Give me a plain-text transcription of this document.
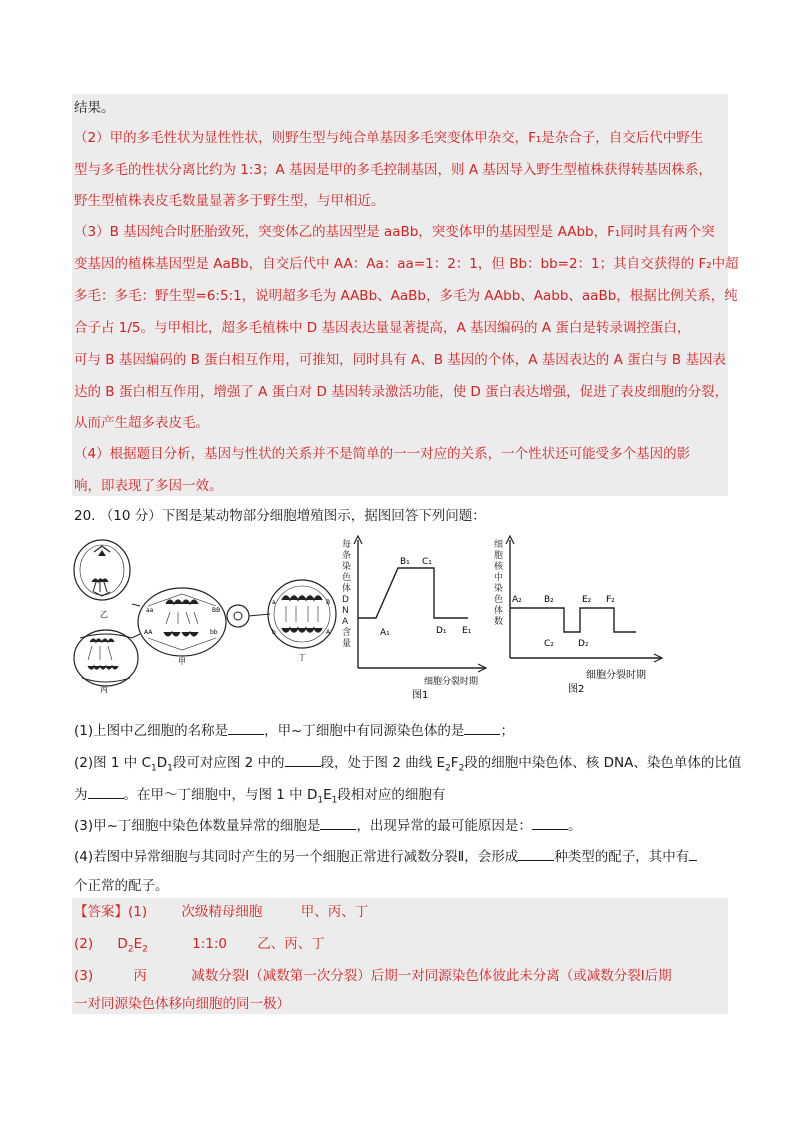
结果。
（2）甲的多毛性状为显性性状，则野生型与纯合单基因多毛突变体甲杂交，F₁是杂合子，自交后代中野生
型与多毛的性状分离比约为 1:3；A 基因是甲的多毛控制基因，则 A 基因导入野生型植株获得转基因株系，
野生型植株表皮毛数量显著多于野生型，与甲相近。
（3）B 基因纯合时胚胎致死，突变体乙的基因型是 aaBb，突变体甲的基因型是 AAbb，F₁同时具有两个突
变基因的植株基因型是 AaBb，自交后代中 AA：Aa：aa=1：2：1，但 Bb：bb=2：1；其自交获得的 F₂中超
多毛：多毛：野生型=6:5:1，说明超多毛为 AABb、AaBb，多毛为 AAbb、Aabb、aaBb，根据比例关系，纯
合子占 1/5。与甲相比，超多毛植株中 D 基因表达量显著提高，A 基因编码的 A 蛋白是转录调控蛋白，
可与 B 基因编码的 B 蛋白相互作用，可推知，同时具有 A、B 基因的个体，A 基因表达的 A 蛋白与 B 基因表
达的 B 蛋白相互作用，增强了 A 蛋白对 D 基因转录激活功能，使 D 蛋白表达增强，促进了表皮细胞的分裂，
从而产生超多表皮毛。
（4）根据题目分析，基因与性状的关系并不是简单的一一对应的关系，一个性状还可能受多个基因的影
响，即表现了多因一效。
20. （10 分）下图是某动物部分细胞增殖图示，据图回答下列问题：
乙
丙
aa	BB
AA	bb
甲
a	B
b	A
丁
A₁
B₁ C₁
D₁ E₁
细胞分裂时期
图1
每条染色体DNA含量
A₂ B₂
C₂	D₂
E₂ F₂
细胞分裂时期
图2
细胞核中染色体数
(1)上图中乙细胞的名称是	，甲~丁细胞中有同源染色体的是	；
(2)图 1 中 $C_1D_1$段可对应图 2 中的	段，处于图 2 曲线 $E_2F_2$段的细胞中染色体、核 DNA、染色单体的比值
为	。在甲～丁细胞中，与图 1 中 $D_1E_1$段相对应的细胞有
(3)甲~丁细胞中染色体数量异常的细胞是	，出现异常的最可能原因是：	。
(4)若图中异常细胞与其同时产生的另一个细胞正常进行减数分裂Ⅱ，会形成	种类型的配子，其中有
个正常的配子。
【答案】(1)	次级精母细胞	甲、丙、丁
(2) $D_2E_2$	1:1:0 乙、丙、丁
(3)	丙	减数分裂Ⅰ（减数第一次分裂）后期一对同源染色体彼此未分离（或减数分裂Ⅰ后期
一对同源染色体移向细胞的同一极）
